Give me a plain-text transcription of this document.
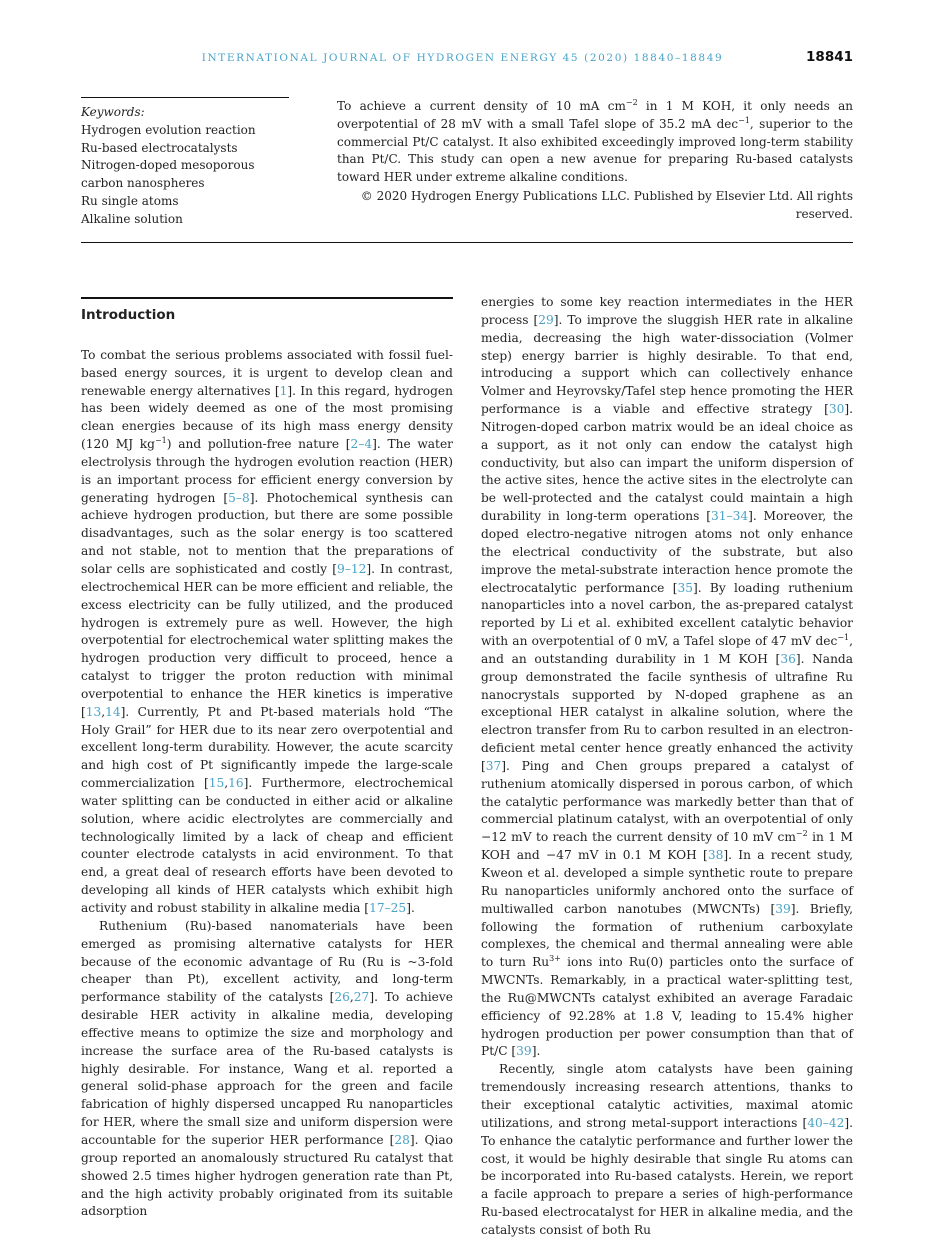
INTERNATIONAL JOURNAL OF HYDROGEN ENERGY 45 (2020) 18840–18849	18841
Keywords:
Hydrogen evolution reaction
Ru-based electrocatalysts
Nitrogen-doped mesoporous carbon nanospheres
Ru single atoms
Alkaline solution

To achieve a current density of 10 mA $cm^{-2}$ in 1 M KOH, it only needs an overpotential of 28 mV with a small Tafel slope of 35.2 mA dec$^{-1}$, superior to the commercial Pt/C catalyst. It also exhibited exceedingly improved long-term stability than Pt/C. This study can open a new avenue for preparing Ru-based catalysts toward HER under extreme alkaline conditions.

© 2020 Hydrogen Energy Publications LLC. Published by Elsevier Ltd. All rights reserved.

Introduction

To combat the serious problems associated with fossil fuel-based energy sources, it is urgent to develop clean and renewable energy alternatives [1]. In this regard, hydrogen has been widely deemed as one of the most promising clean energies because of its high mass energy density (120 MJ $kg^{-1}$) and pollution-free nature [2–4]. The water electrolysis through the hydrogen evolution reaction (HER) is an important process for efficient energy conversion by generating hydrogen [5–8]. Photochemical synthesis can achieve hydrogen production, but there are some possible disadvantages, such as the solar energy is too scattered and not stable, not to mention that the preparations of solar cells are sophisticated and costly [9–12]. In contrast, electrochemical HER can be more efficient and reliable, the excess electricity can be fully utilized, and the produced hydrogen is extremely pure as well. However, the high overpotential for electrochemical water splitting makes the hydrogen production very difficult to proceed, hence a catalyst to trigger the proton reduction with minimal overpotential to enhance the HER kinetics is imperative [13,14]. Currently, Pt and Pt-based materials hold “The Holy Grail” for HER due to its near zero overpotential and excellent long-term durability. However, the acute scarcity and high cost of Pt significantly impede the large-scale commercialization [15,16]. Furthermore, electrochemical water splitting can be conducted in either acid or alkaline solution, where acidic electrolytes are commercially and technologically limited by a lack of cheap and efficient counter electrode catalysts in acid environment. To that end, a great deal of research efforts have been devoted to developing all kinds of HER catalysts which exhibit high activity and robust stability in alkaline media [17–25].

Ruthenium (Ru)-based nanomaterials have been emerged as promising alternative catalysts for HER because of the economic advantage of Ru (Ru is ~3-fold cheaper than Pt), excellent activity, and long-term performance stability of the catalysts [26,27]. To achieve desirable HER activity in alkaline media, developing effective means to optimize the size and morphology and increase the surface area of the Ru-based catalysts is highly desirable. For instance, Wang et al. reported a general solid-phase approach for the green and facile fabrication of highly dispersed uncapped Ru nanoparticles for HER, where the small size and uniform dispersion were accountable for the superior HER performance [28]. Qiao group reported an anomalously structured Ru catalyst that showed 2.5 times higher hydrogen generation rate than Pt, and the high activity probably originated from its suitable adsorption

energies to some key reaction intermediates in the HER process [29]. To improve the sluggish HER rate in alkaline media, decreasing the high water-dissociation (Volmer step) energy barrier is highly desirable. To that end, introducing a support which can collectively enhance Volmer and Heyrovsky/Tafel step hence promoting the HER performance is a viable and effective strategy [30]. Nitrogen-doped carbon matrix would be an ideal choice as a support, as it not only can endow the catalyst high conductivity, but also can impart the uniform dispersion of the active sites, hence the active sites in the electrolyte can be well-protected and the catalyst could maintain a high durability in long-term operations [31–34]. Moreover, the doped electro-negative nitrogen atoms not only enhance the electrical conductivity of the substrate, but also improve the metal-substrate interaction hence promote the electrocatalytic performance [35]. By loading ruthenium nanoparticles into a novel carbon, the as-prepared catalyst reported by Li et al. exhibited excellent catalytic behavior with an overpotential of 0 mV, a Tafel slope of 47 mV dec$^{-1}$, and an outstanding durability in 1 M KOH [36]. Nanda group demonstrated the facile synthesis of ultrafine Ru nanocrystals supported by N-doped graphene as an exceptional HER catalyst in alkaline solution, where the electron transfer from Ru to carbon resulted in an electron-deficient metal center hence greatly enhanced the activity [37]. Ping and Chen groups prepared a catalyst of ruthenium atomically dispersed in porous carbon, of which the catalytic performance was markedly better than that of commercial platinum catalyst, with an overpotential of only −12 mV to reach the current density of 10 mV $cm^{-2}$ in 1 M KOH and −47 mV in 0.1 M KOH [38]. In a recent study, Kweon et al. developed a simple synthetic route to prepare Ru nanoparticles uniformly anchored onto the surface of multiwalled carbon nanotubes (MWCNTs) [39]. Briefly, following the formation of ruthenium carboxylate complexes, the chemical and thermal annealing were able to turn $Ru^{3+}$ ions into Ru(0) particles onto the surface of MWCNTs. Remarkably, in a practical water-splitting test, the Ru@MWCNTs catalyst exhibited an average Faradaic efficiency of 92.28% at 1.8 V, leading to 15.4% higher hydrogen production per power consumption than that of Pt/C [39].

Recently, single atom catalysts have been gaining tremendously increasing research attentions, thanks to their exceptional catalytic activities, maximal atomic utilizations, and strong metal-support interactions [40–42]. To enhance the catalytic performance and further lower the cost, it would be highly desirable that single Ru atoms can be incorporated into Ru-based catalysts. Herein, we report a facile approach to prepare a series of high-performance Ru-based electrocatalyst for HER in alkaline media, and the catalysts consist of both Ru
